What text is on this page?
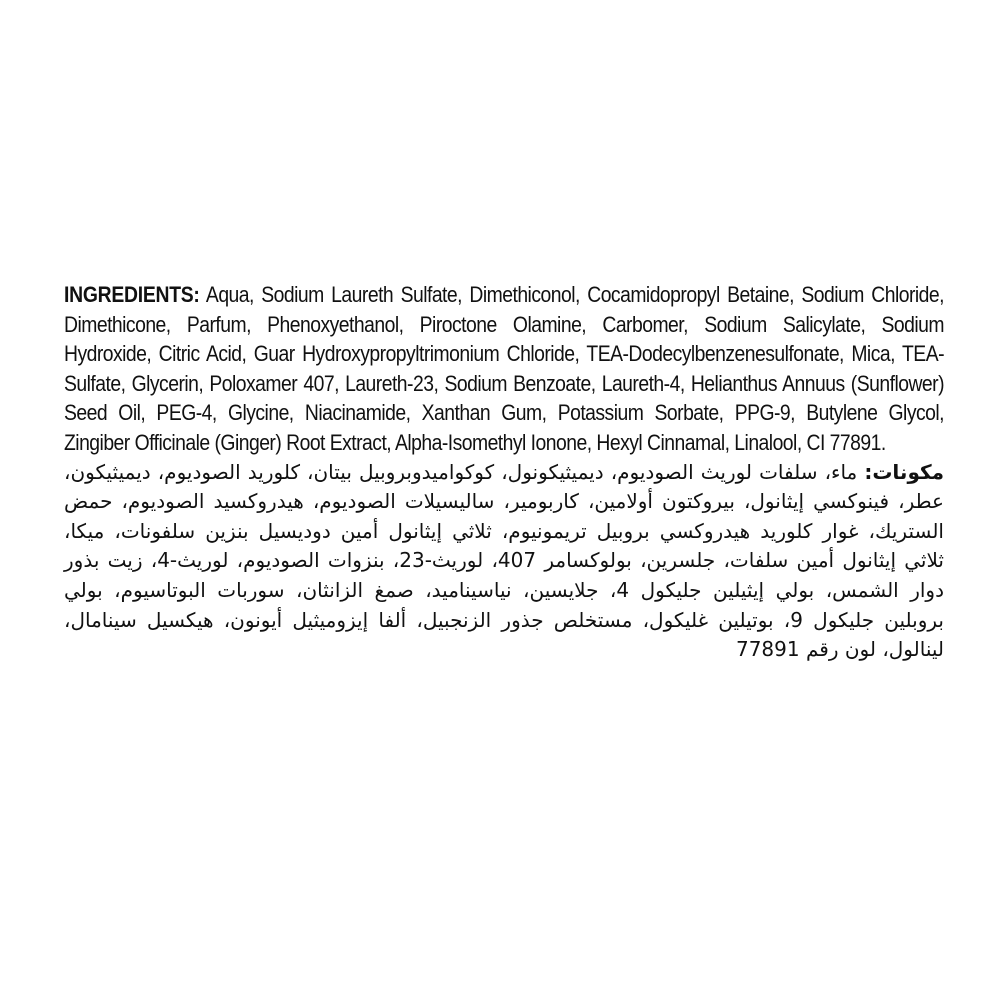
INGREDIENTS: Aqua, Sodium Laureth Sulfate, Dimethiconol, Cocamidopropyl Betaine, Sodium Chloride, Dimethicone, Parfum, Phenoxyethanol, Piroctone Olamine, Carbomer, Sodium Salicylate, Sodium Hydroxide, Citric Acid, Guar Hydroxypropyltrimonium Chloride, TEA-Dodecylbenzenesulfonate, Mica, TEA-Sulfate, Glycerin, Poloxamer 407, Laureth-23, Sodium Benzoate, Laureth-4, Helianthus Annuus (Sunflower) Seed Oil, PEG-4, Glycine, Niacinamide, Xanthan Gum, Potassium Sorbate, PPG-9, Butylene Glycol, Zingiber Officinale (Ginger) Root Extract, Alpha-Isomethyl Ionone, Hexyl Cinnamal, Linalool, CI 77891.

مكونات: ماء، سلفات لوريث الصوديوم، ديميثيكونول، كوكواميدوبروبيل بيتان، كلوريد الصوديوم، ديميثيكون، عطر، فينوكسي إيثانول، بيروكتون أولامين، كاربومير، ساليسيلات الصوديوم، هيدروكسيد الصوديوم، حمض الستريك، غوار كلوريد هيدروكسي بروبيل تريمونيوم، ثلاثي إيثانول أمين دوديسيل بنزين سلفونات، ميكا، ثلاثي إيثانول أمين سلفات، جلسرين، بولوكسامر 407، لوريث-23، بنزوات الصوديوم، لوريث-4، زيت بذور دوار الشمس، بولي إيثيلين جليكول 4، جلايسين، نياسيناميد، صمغ الزانثان، سوربات البوتاسيوم، بولي بروبلين جليكول 9، بوتيلين غليكول، مستخلص جذور الزنجبيل، ألفا إيزوميثيل أيونون، هيكسيل سينامال، لينالول، لون رقم 77891
